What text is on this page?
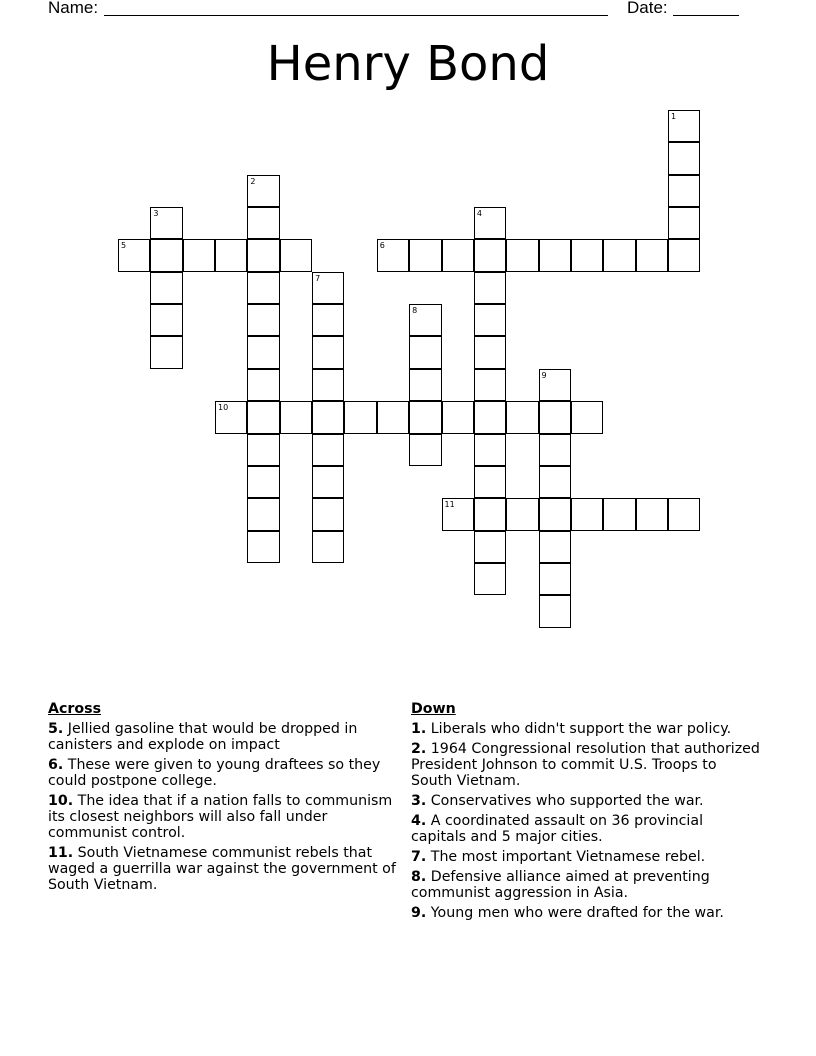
Name:	Date:
Henry Bond
1
2
3	4
5	6
7
8
9
10
11
Across
5. Jellied gasoline that would be dropped in canisters and explode on impact
6. These were given to young draftees so they could postpone college.
10. The idea that if a nation falls to communism its closest neighbors will also fall under communist control.
11. South Vietnamese communist rebels that waged a guerrilla war against the government of South Vietnam.
Down
1. Liberals who didn't support the war policy.
2. 1964 Congressional resolution that authorized President Johnson to commit U.S. Troops to South Vietnam.
3. Conservatives who supported the war.
4. A coordinated assault on 36 provincial capitals and 5 major cities.
7. The most important Vietnamese rebel.
8. Defensive alliance aimed at preventing communist aggression in Asia.
9. Young men who were drafted for the war.
